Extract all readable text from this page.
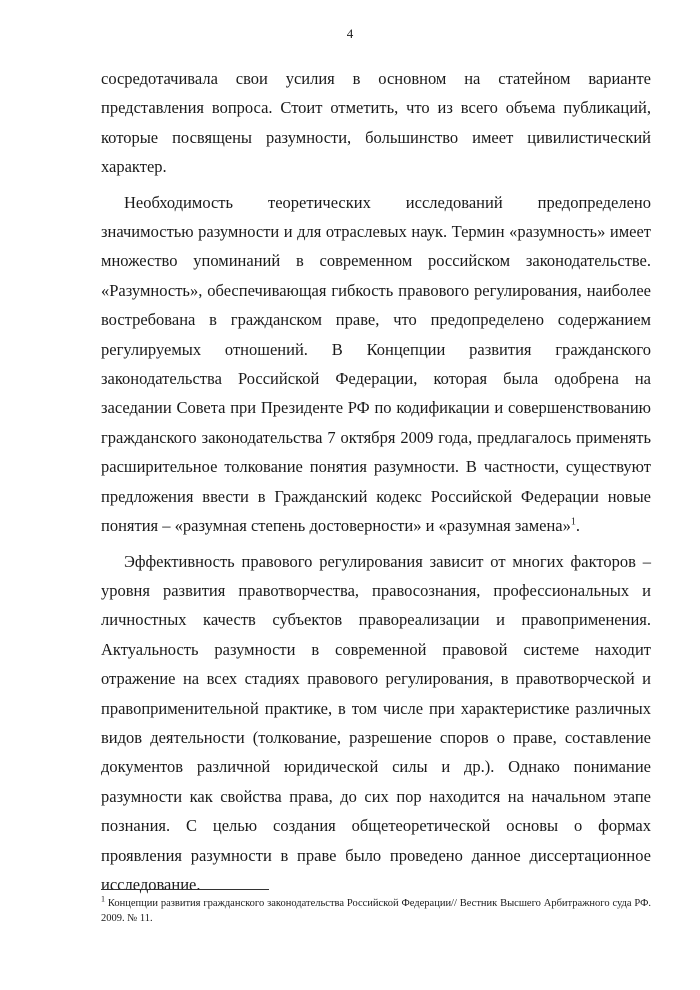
4

сосредотачивала свои усилия в основном на статейном варианте представления вопроса. Стоит отметить, что из всего объема публикаций, которые посвящены разумности, большинство имеет цивилистический характер.

Необходимость теоретических исследований предопределено значимостью разумности и для отраслевых наук. Термин «разумность» имеет множество упоминаний в современном российском законодательстве. «Разумность», обеспечивающая гибкость правового регулирования, наиболее востребована в гражданском праве, что предопределено содержанием регулируемых отношений. В Концепции развития гражданского законодательства Российской Федерации, которая была одобрена на заседании Совета при Президенте РФ по кодификации и совершенствованию гражданского законодательства 7 октября 2009 года, предлагалось применять расширительное толкование понятия разумности. В частности, существуют предложения ввести в Гражданский кодекс Российской Федерации новые понятия – «разумная степень достоверности» и «разумная замена»$^1$.

Эффективность правового регулирования зависит от многих факторов – уровня развития правотворчества, правосознания, профессиональных и личностных качеств субъектов правореализации и правоприменения. Актуальность разумности в современной правовой системе находит отражение на всех стадиях правового регулирования, в правотворческой и правоприменительной практике, в том числе при характеристике различных видов деятельности (толкование, разрешение споров о праве, составление документов различной юридической силы и др.). Однако понимание разумности как свойства права, до сих пор находится на начальном этапе познания. С целью создания общетеоретической основы о формах проявления разумности в праве было проведено данное диссертационное исследование.

$^1$ Концепции развития гражданского законодательства Российской Федерации// Вестник Высшего Арбитражного суда РФ. 2009. № 11.
